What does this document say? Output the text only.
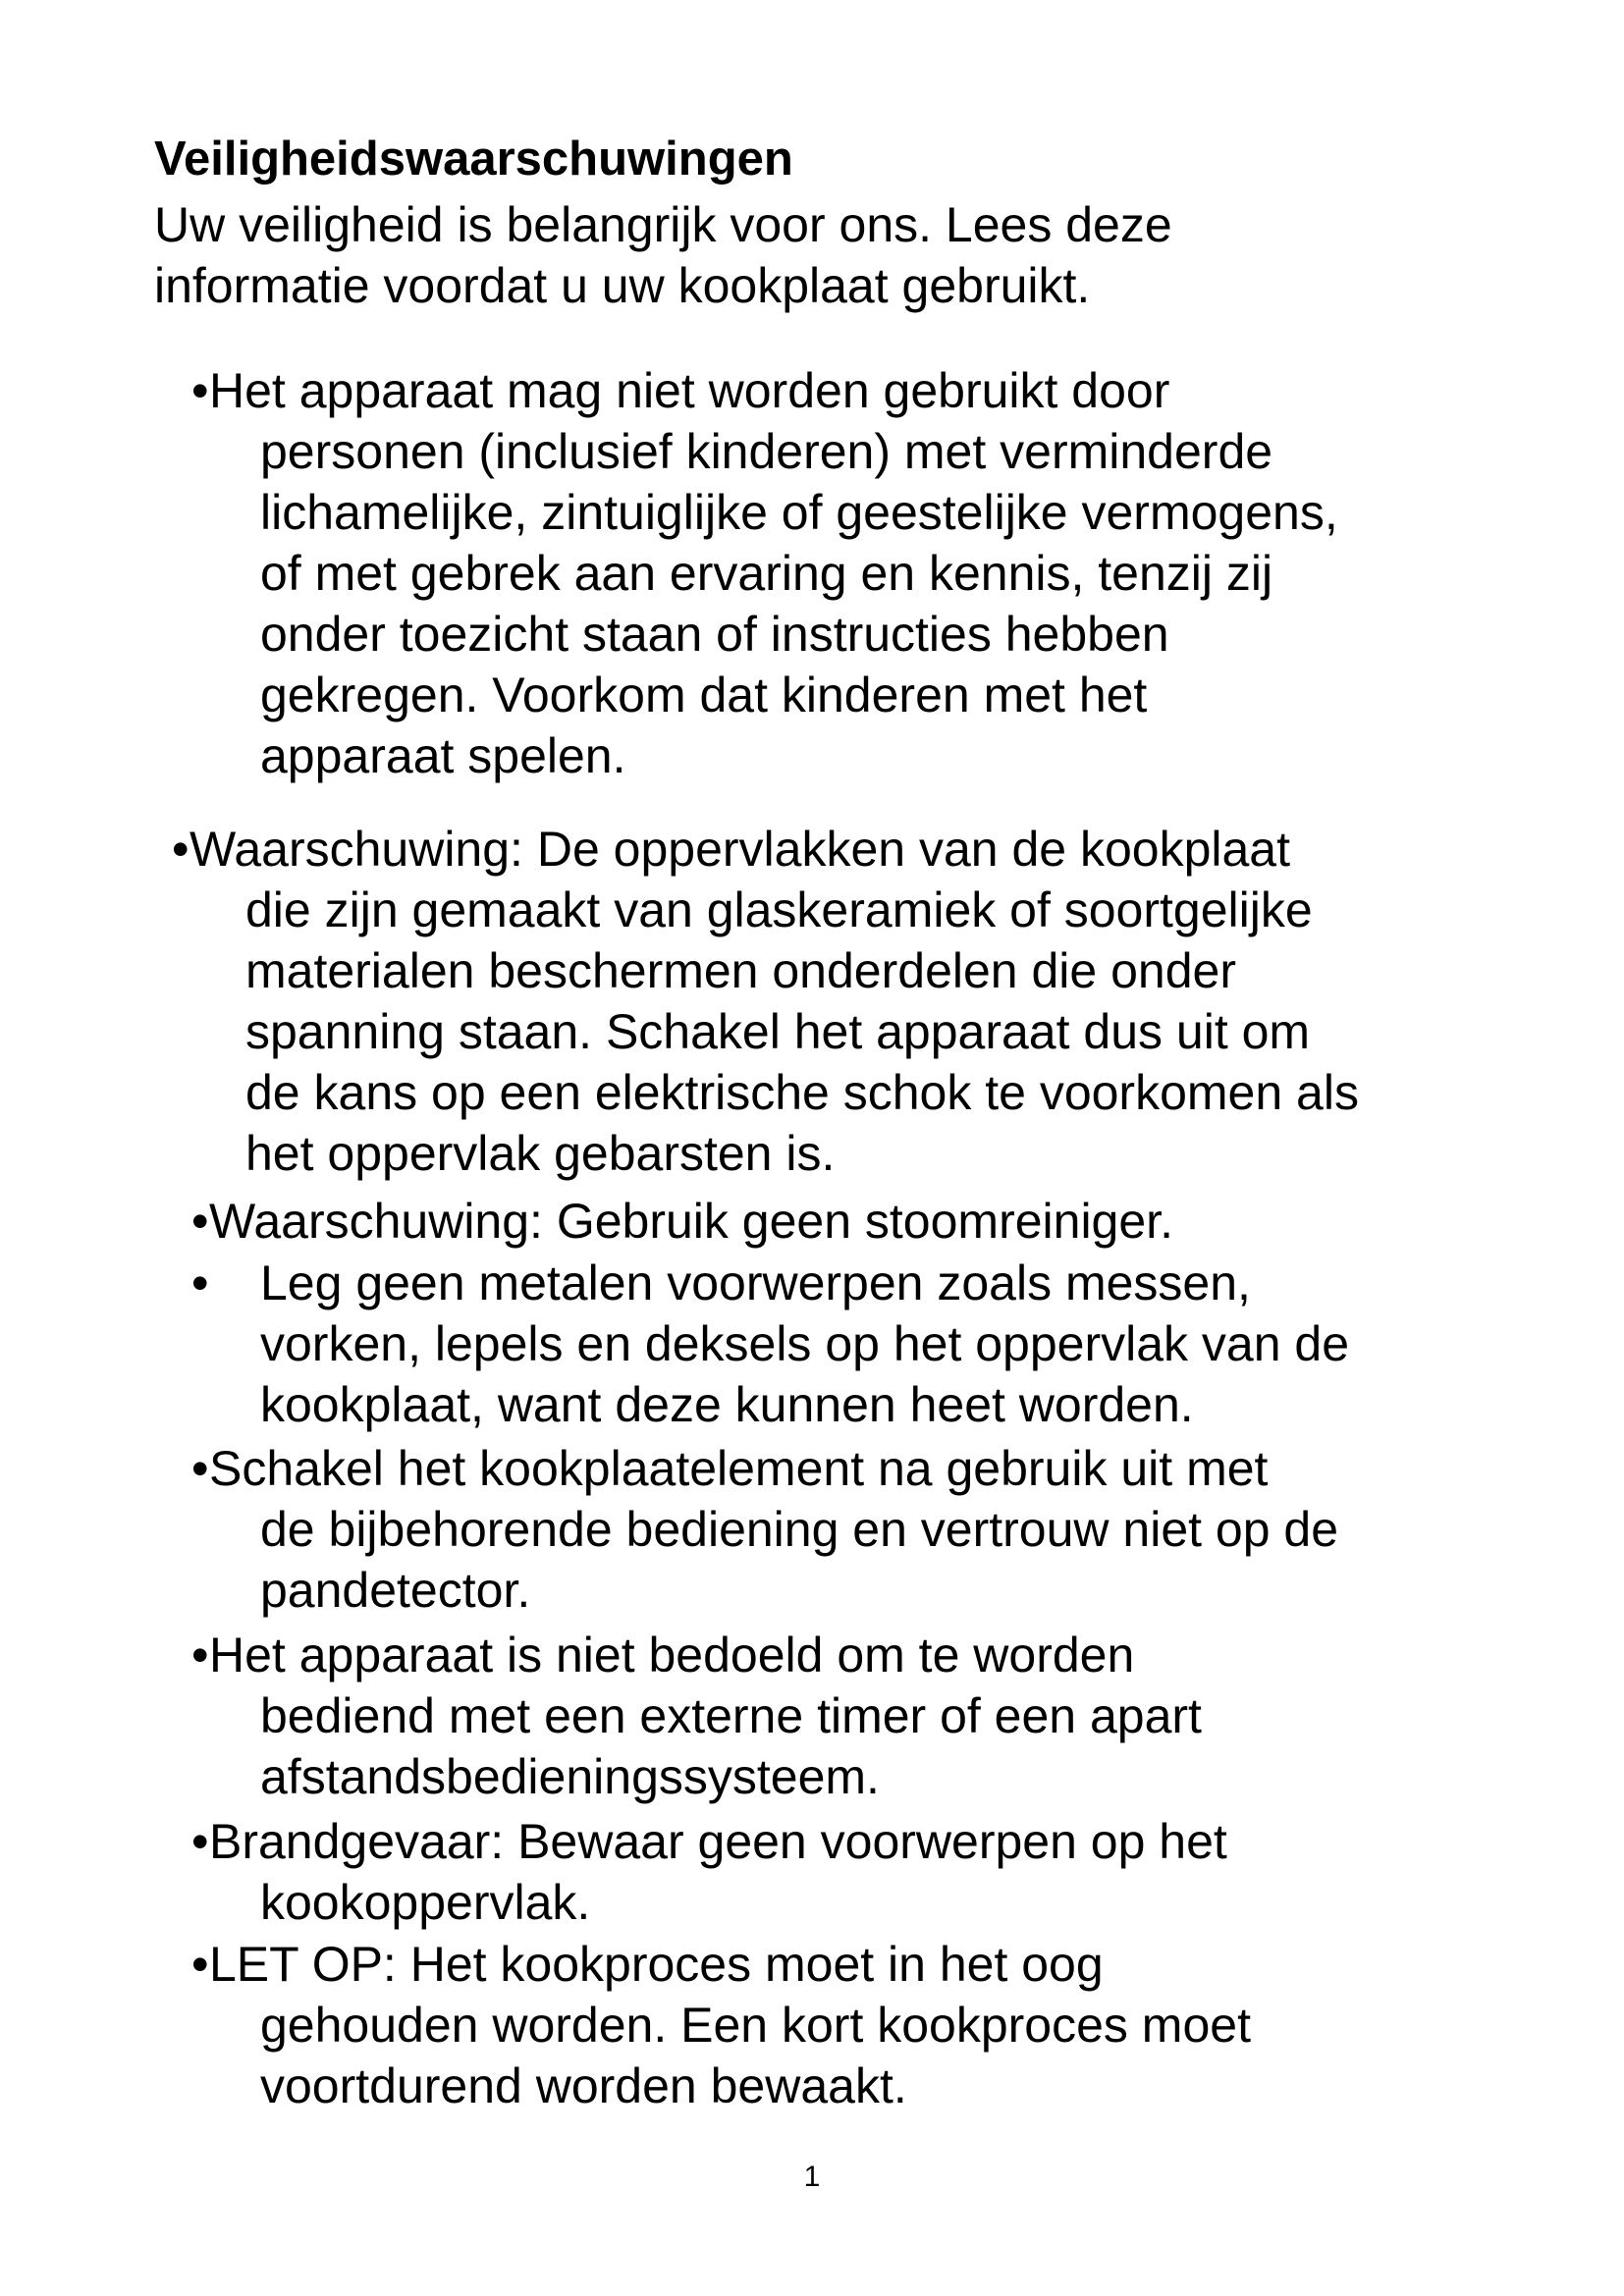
Veiligheidswaarschuwingen
Uw veiligheid is belangrijk voor ons. Lees deze
informatie voordat u uw kookplaat gebruikt.
•Het apparaat mag niet worden gebruikt door
personen (inclusief kinderen) met verminderde
lichamelijke, zintuiglijke of geestelijke vermogens,
of met gebrek aan ervaring en kennis, tenzij zij
onder toezicht staan of instructies hebben
gekregen. Voorkom dat kinderen met het
apparaat spelen.
•Waarschuwing: De oppervlakken van de kookplaat
die zijn gemaakt van glaskeramiek of soortgelijke
materialen beschermen onderdelen die onder
spanning staan. Schakel het apparaat dus uit om
de kans op een elektrische schok te voorkomen als
het oppervlak gebarsten is.
•Waarschuwing: Gebruik geen stoomreiniger.
• Leg geen metalen voorwerpen zoals messen,
vorken, lepels en deksels op het oppervlak van de
kookplaat, want deze kunnen heet worden.
•Schakel het kookplaatelement na gebruik uit met
de bijbehorende bediening en vertrouw niet op de
pandetector.
•Het apparaat is niet bedoeld om te worden
bediend met een externe timer of een apart
afstandsbedieningssysteem.
•Brandgevaar: Bewaar geen voorwerpen op het
kookoppervlak.
•LET OP: Het kookproces moet in het oog
gehouden worden. Een kort kookproces moet
voortdurend worden bewaakt.
1
